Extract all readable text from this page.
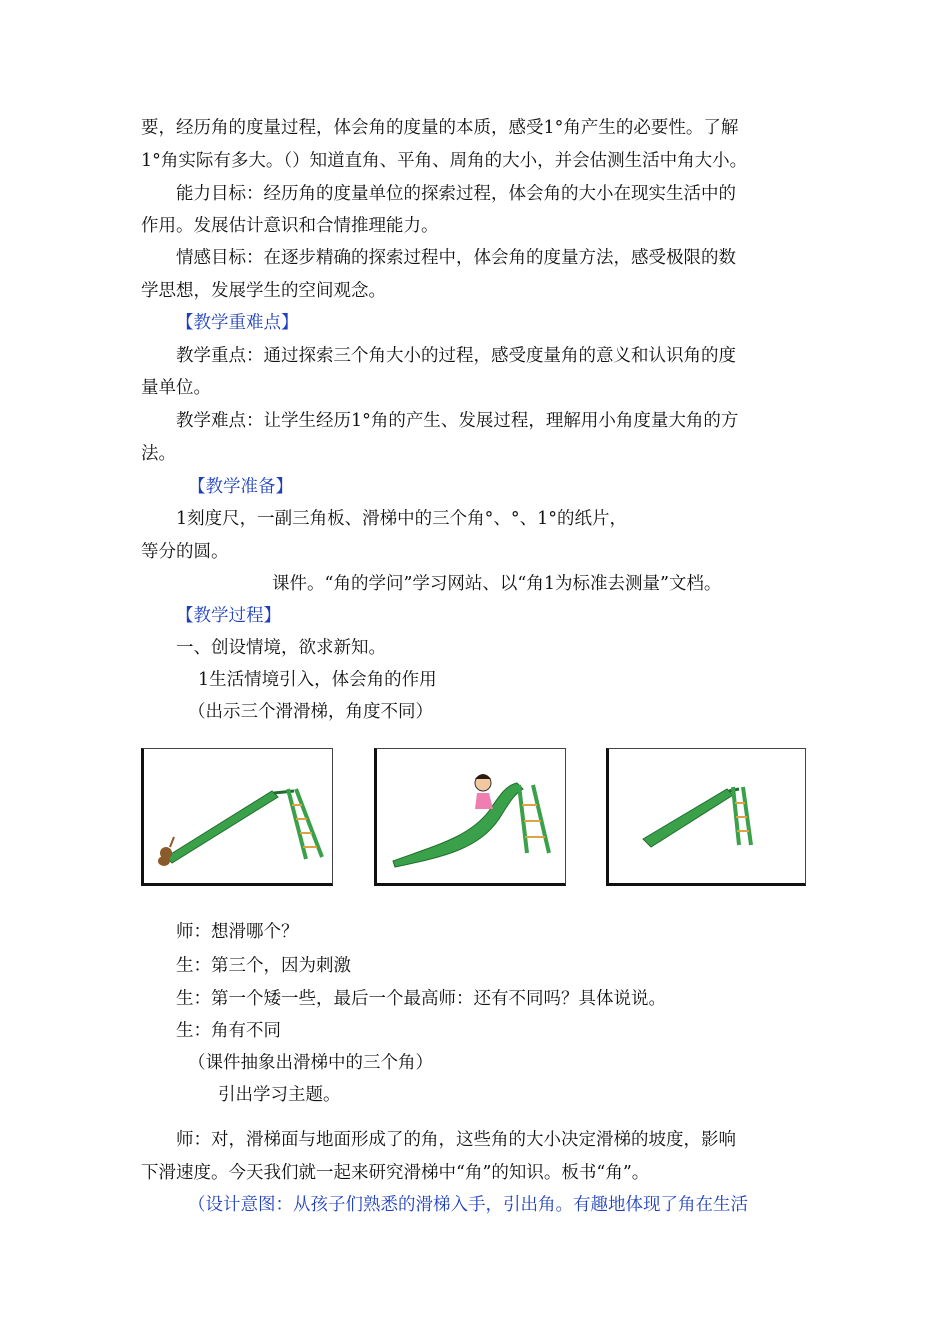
要，经历角的度量过程，体会角的度量的本质，感受1°角产生的必要性。了解
1°角实际有多大。（）知道直角、平角、周角的大小，并会估测生活中角大小。
能力目标：经历角的度量单位的探索过程，体会角的大小在现实生活中的
作用。发展估计意识和合情推理能力。
情感目标：在逐步精确的探索过程中，体会角的度量方法，感受极限的数
学思想，发展学生的空间观念。
【教学重难点】
教学重点：通过探索三个角大小的过程，感受度量角的意义和认识角的度
量单位。
教学难点：让学生经历1°角的产生、发展过程，理解用小角度量大角的方
法。
【教学准备】
1刻度尺，一副三角板、滑梯中的三个角°、°、1°的纸片，
等分的圆。
课件。“角的学问”学习网站、以“角1为标准去测量”文档。
【教学过程】
一、创设情境，欲求新知。
1生活情境引入，体会角的作用
（出示三个滑滑梯，角度不同）
师：想滑哪个？
生：第三个，因为刺激
生：第一个矮一些，最后一个最高师：还有不同吗？具体说说。
生：角有不同
（课件抽象出滑梯中的三个角）
引出学习主题。
师：对，滑梯面与地面形成了的角，这些角的大小决定滑梯的坡度，影响
下滑速度。今天我们就一起来研究滑梯中“角”的知识。板书“角”。
（设计意图：从孩子们熟悉的滑梯入手，引出角。有趣地体现了角在生活
